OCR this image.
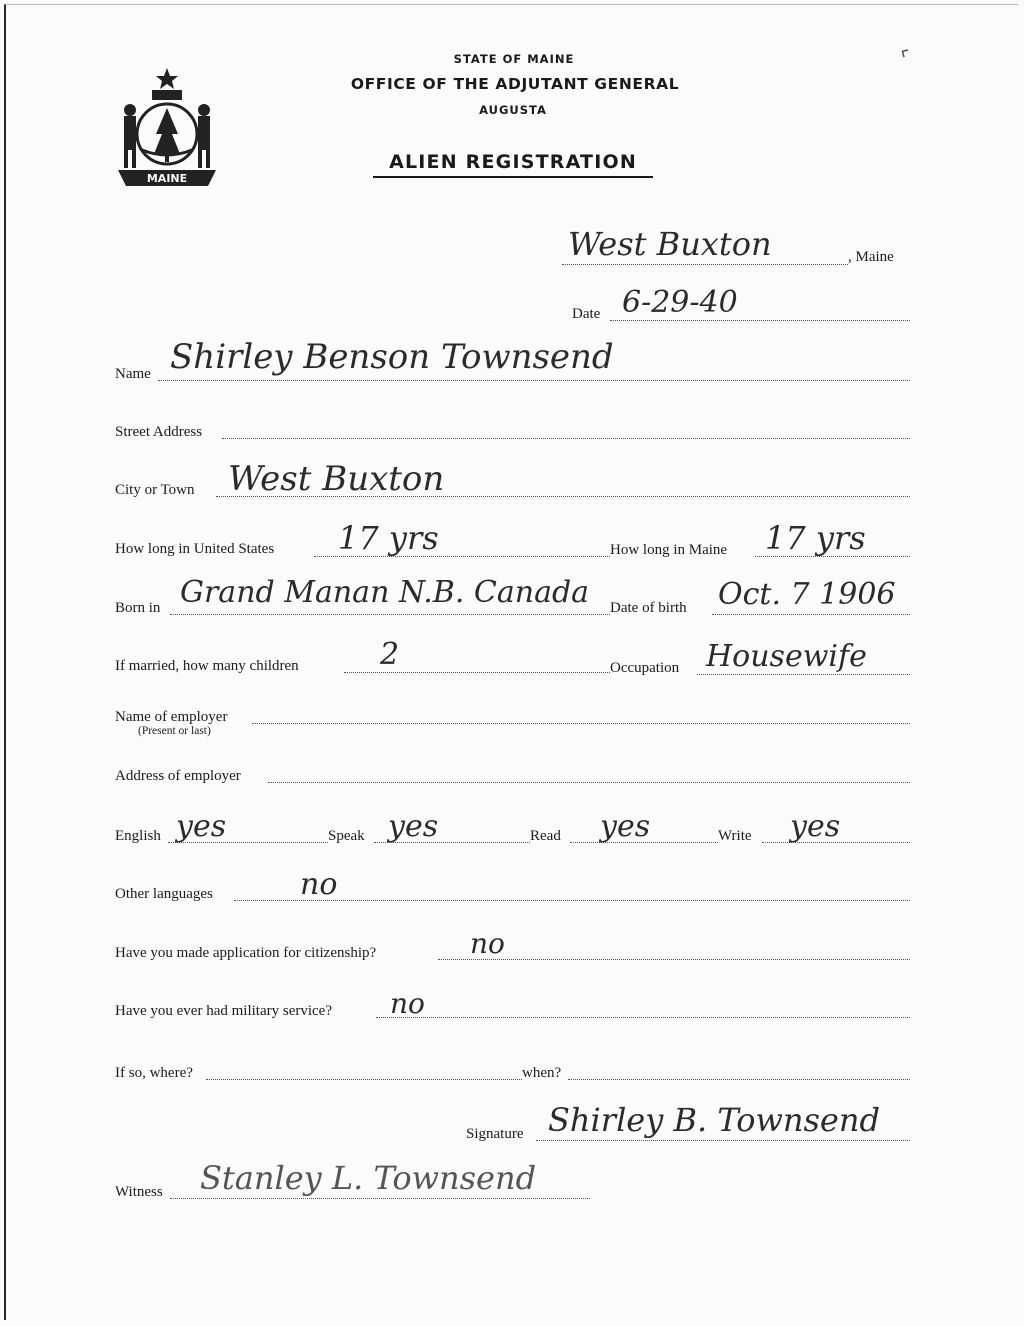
MAINE
STATE OF MAINE
OFFICE OF THE ADJUTANT GENERAL
AUGUSTA
ALIEN REGISTRATION
⌜
West Buxton	, Maine
Date 6-29-40
Name Shirley Benson Townsend
Street Address
City or Town West Buxton
How long in United States 17 yrs	How long in Maine 17 yrs
Born in Grand Manan N.B. Canada Date of birth Oct. 7 1906
If married, how many children	2	Occupation Housewife
Name of employer
(Present or last)
Address of employer
English yes	Speak yes	Read yes	Write yes
Other languages	no
Have you made application for citizenship?	no
Have you ever had military service? no
If so, where?	when?
Signature Shirley B. Townsend
Witness Stanley L. Townsend
